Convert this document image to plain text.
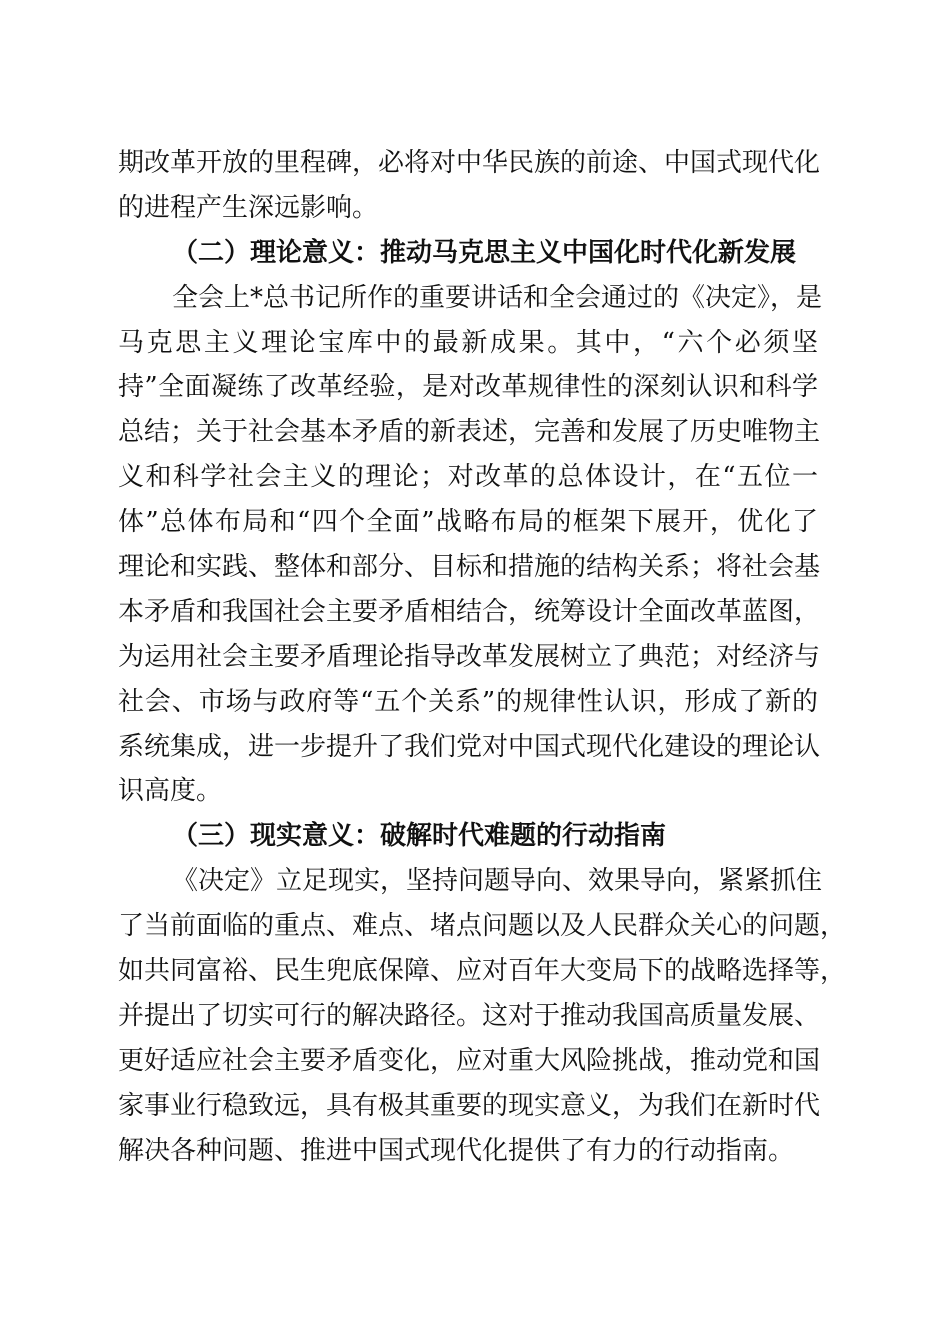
期改革开放的里程碑，必将对中华民族的前途、中国式现代化
的进程产生深远影响。
（二）理论意义：推动马克思主义中国化时代化新发展
全会上*总书记所作的重要讲话和全会通过的《决定》，是
马克思主义理论宝库中的最新成果。其中，“六个必须坚
持”全面凝练了改革经验，是对改革规律性的深刻认识和科学
总结；关于社会基本矛盾的新表述，完善和发展了历史唯物主
义和科学社会主义的理论；对改革的总体设计，在“五位一
体”总体布局和“四个全面”战略布局的框架下展开，优化了
理论和实践、整体和部分、目标和措施的结构关系；将社会基
本矛盾和我国社会主要矛盾相结合，统筹设计全面改革蓝图，
为运用社会主要矛盾理论指导改革发展树立了典范；对经济与
社会、市场与政府等“五个关系”的规律性认识，形成了新的
系统集成，进一步提升了我们党对中国式现代化建设的理论认
识高度。
（三）现实意义：破解时代难题的行动指南
《决定》立足现实，坚持问题导向、效果导向，紧紧抓住
了当前面临的重点、难点、堵点问题以及人民群众关心的问题，
如共同富裕、民生兜底保障、应对百年大变局下的战略选择等，
并提出了切实可行的解决路径。这对于推动我国高质量发展、
更好适应社会主要矛盾变化，应对重大风险挑战，推动党和国
家事业行稳致远，具有极其重要的现实意义，为我们在新时代
解决各种问题、推进中国式现代化提供了有力的行动指南。
